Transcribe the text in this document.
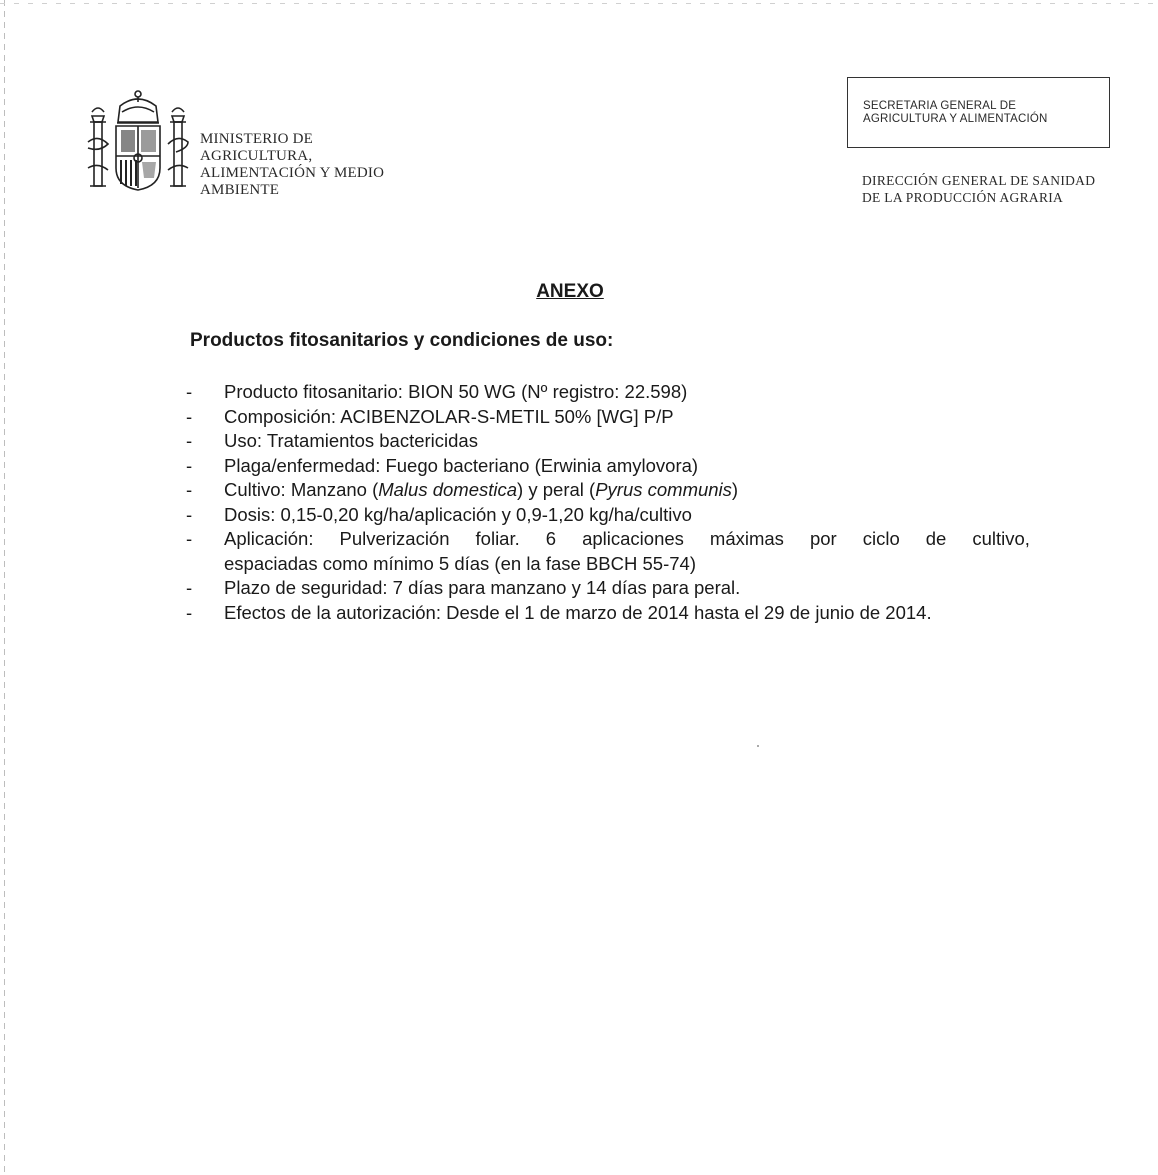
MINISTERIO DE
AGRICULTURA,
ALIMENTACIÓN Y MEDIO
AMBIENTE
SECRETARIA GENERAL DE
AGRICULTURA Y ALIMENTACIÓN
DIRECCIÓN GENERAL DE SANIDAD
DE LA PRODUCCIÓN AGRARIA
ANEXO
Productos fitosanitarios y condiciones de uso:
- Producto fitosanitario: BION 50 WG (Nº registro: 22.598)
- Composición: ACIBENZOLAR-S-METIL 50% [WG] P/P
- Uso: Tratamientos bactericidas
- Plaga/enfermedad: Fuego bacteriano (Erwinia amylovora)
- Cultivo: Manzano (Malus domestica) y peral (Pyrus communis)
- Dosis: 0,15-0,20 kg/ha/aplicación y 0,9-1,20 kg/ha/cultivo
- Aplicación: Pulverización foliar. 6 aplicaciones máximas por ciclo de cultivo,
espaciadas como mínimo 5 días (en la fase BBCH 55-74)
- Plazo de seguridad: 7 días para manzano y 14 días para peral.
- Efectos de la autorización: Desde el 1 de marzo de 2014 hasta el 29 de junio de 2014.
